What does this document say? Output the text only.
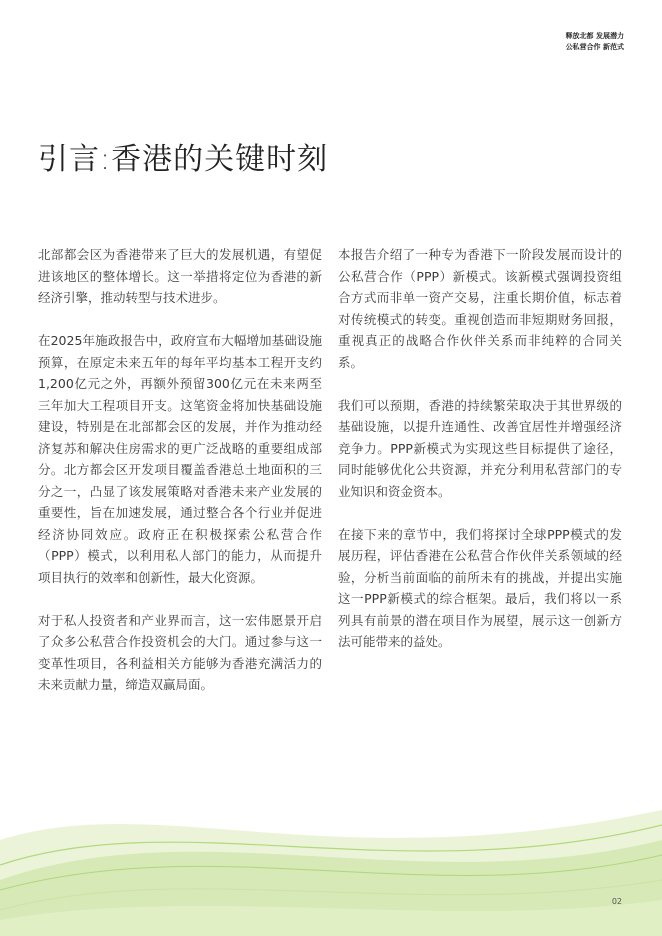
释放北都 发展潜力
公私营合作 新范式
引言:香港的关键时刻

北部都会区为香港带来了巨大的发展机遇，有望促进该地区的整体增长。这一举措将定位为香港的新经济引擎，推动转型与技术进步。

在2025年施政报告中，政府宣布大幅增加基础设施预算，在原定未来五年的每年平均基本工程开支约1,200亿元之外，再额外预留300亿元在未来两至三年加大工程项目开支。这笔资金将加快基础设施建设，特别是在北部都会区的发展，并作为推动经济复苏和解决住房需求的更广泛战略的重要组成部分。北方都会区开发项目覆盖香港总土地面积的三分之一，凸显了该发展策略对香港未来产业发展的重要性，旨在加速发展，通过整合各个行业并促进经济协同效应。政府正在积极探索公私营合作（PPP）模式，以利用私人部门的能力，从而提升项目执行的效率和创新性，最大化资源。

对于私人投资者和产业界而言，这一宏伟愿景开启了众多公私营合作投资机会的大门。通过参与这一变革性项目，各利益相关方能够为香港充满活力的未来贡献力量，缔造双赢局面。

本报告介绍了一种专为香港下一阶段发展而设计的公私营合作（PPP）新模式。该新模式强调投资组合方式而非单一资产交易，注重长期价值，标志着对传统模式的转变。重视创造而非短期财务回报，重视真正的战略合作伙伴关系而非纯粹的合同关系。

我们可以预期，香港的持续繁荣取决于其世界级的基础设施，以提升连通性、改善宜居性并增强经济竞争力。PPP新模式为实现这些目标提供了途径，同时能够优化公共资源，并充分利用私营部门的专业知识和资金资本。

在接下来的章节中，我们将探讨全球PPP模式的发展历程，评估香港在公私营合作伙伴关系领域的经验，分析当前面临的前所未有的挑战，并提出实施这一PPP新模式的综合框架。最后，我们将以一系列具有前景的潜在项目作为展望，展示这一创新方法可能带来的益处。

02
